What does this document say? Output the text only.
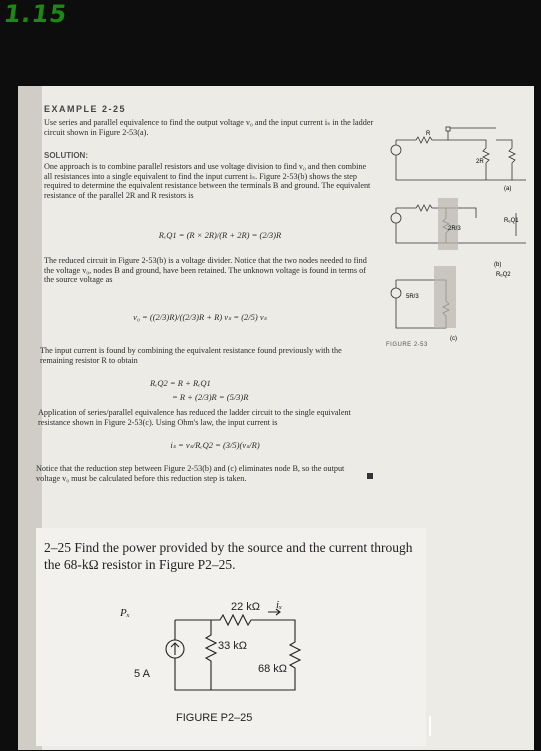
1.15
EXAMPLE 2-25
Use series and parallel equivalence to find the output voltage v₀ and the input current iₛ in the ladder circuit shown in Figure 2-53(a).
SOLUTION:
One approach is to combine parallel resistors and use voltage division to find v₀ and then combine all resistances into a single equivalent to find the input current iₛ. Figure 2-53(b) shows the step required to determine the equivalent resistance between the terminals B and ground. The equivalent resistance of the parallel 2R and R resistors is
RₑQ1 = (R × 2R)/(R + 2R) = (2/3)R
The reduced circuit in Figure 2-53(b) is a voltage divider. Notice that the two nodes needed to find the voltage v₀, nodes B and ground, have been retained. The unknown voltage is found in terms of the source voltage as
v₀ = ((2/3)R)/((2/3)R + R) vₛ = (2/5) vₛ
The input current is found by combining the equivalent resistance found previously with the remaining resistor R to obtain
RₑQ2 = R + RₑQ1
= R + (2/3)R = (5/3)R
Application of series/parallel equivalence has reduced the ladder circuit to the single equivalent resistance shown in Figure 2-53(c). Using Ohm's law, the input current is
iₛ = vₛ/RₑQ2 = (3/5)(vₛ/R)
Notice that the reduction step between Figure 2-53(b) and (c) eliminates node B, so the output voltage v₀ must be calculated before this reduction step is taken.
R
2R
(a)
2R/3
RₑQ1
(b)
5R/3
RₑQ2
(c)
FIGURE 2-53
2–25 Find the power provided by the source and the current through the 68-kΩ resistor in Figure P2–25.
22 kΩ
33 kΩ
68 kΩ
5 A
iₓ
Pₓ
FIGURE P2–25
